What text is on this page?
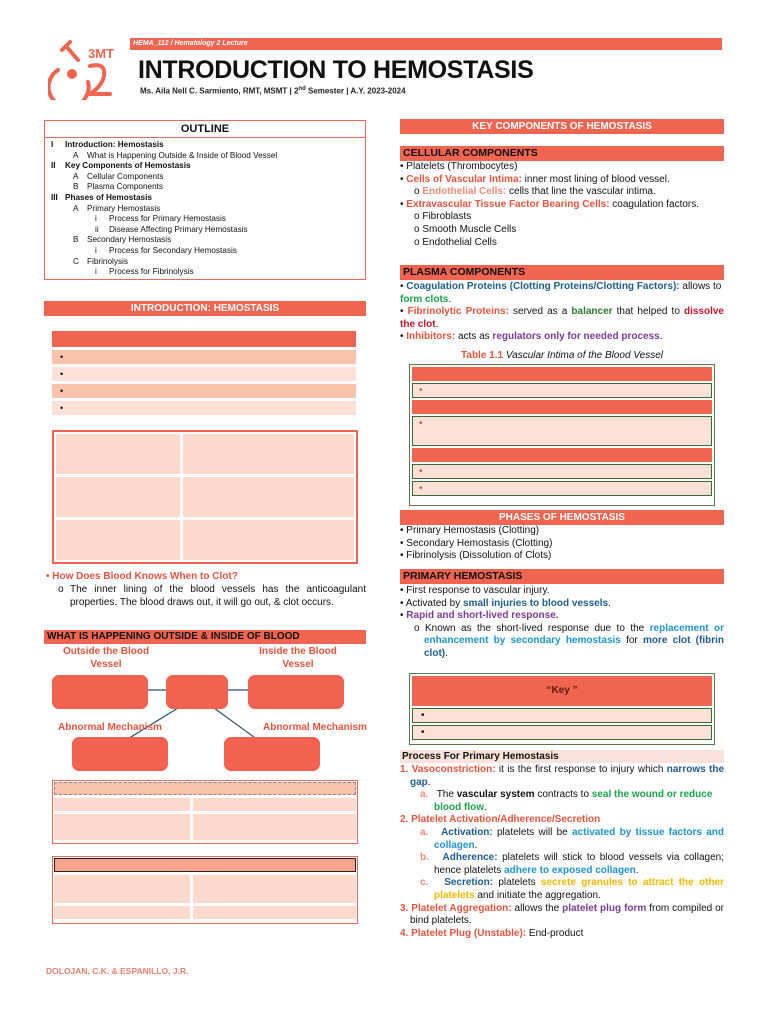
3MT
HEMA_112 / Hematology 2 Lecture
INTRODUCTION TO HEMOSTASIS
Ms. Aila Nell C. Sarmiento, RMT, MSMT | 2nd Semester | A.Y. 2023-2024
OUTLINE
I	Introduction: Hemostasis
A	What is Happening Outside & Inside of Blood Vessel
II	Key Components of Hemostasis
A	Cellular Components
B	Plasma Components
III Phases of Hemostasis
A	Primary Hemostasis
i	Process for Primary Hemostasis
ii	Disease Affecting Primary Hemostasis
B	Secondary Hemostasis
i	Process for Secondary Hemostasis
C Fibrinolysis
i	Process for Fibrinolysis
INTRODUCTION: HEMOSTASIS
•
•
•
•
• How Does Blood Knows When to Clot?
o The inner lining of the blood vessels has the anticoagulant properties. The blood draws out, it will go out, & clot occurs.
WHAT IS HAPPENING OUTSIDE & INSIDE OF BLOOD
Outside the Blood Vessel
Inside the Blood Vessel
Abnormal Mechanism	Abnormal Mechanism
KEY COMPONENTS OF HEMOSTASIS
CELLULAR COMPONENTS
• Platelets (Thrombocytes)
• Cells of Vascular Intima: inner most lining of blood vessel.
o Endothelial Cells: cells that line the vascular intima.
• Extravascular Tissue Factor Bearing Cells: coagulation factors.
o Fibroblasts
o Smooth Muscle Cells
o Endothelial Cells
PLASMA COMPONENTS
• Coagulation Proteins (Clotting Proteins/Clotting Factors): allows to form clots.
• Fibrinolytic Proteins: served as a balancer that helped to dissolve the clot.
• Inhibitors: acts as regulators only for needed process.
Table 1.1 Vascular Intima of the Blood Vessel
•
•
•
•
PHASES OF HEMOSTASIS
• Primary Hemostasis (Clotting)
• Secondary Hemostasis (Clotting)
• Fibrinolysis (Dissolution of Clots)
PRIMARY HEMOSTASIS
• First response to vascular injury.
• Activated by small injuries to blood vessels.
• Rapid and short-lived response.
o Known as the short-lived response due to the replacement or enhancement by secondary hemostasis for more clot (fibrin clot).
“Key ”
•
•
Process For Primary Hemostasis
1. Vasoconstriction: it is the first response to injury which narrows the gap.
a. The vascular system contracts to seal the wound or reduce blood flow.
2. Platelet Activation/Adherence/Secretion
a. Activation: platelets will be activated by tissue factors and collagen.
b. Adherence: platelets will stick to blood vessels via collagen; hence platelets adhere to exposed collagen.
c. Secretion: platelets secrete granules to attract the other platelets and initiate the aggregation.
3. Platelet Aggregation: allows the platelet plug form from compiled or bind platelets.
4. Platelet Plug (Unstable): End-product
DOLOJAN, C.K. & ESPANILLO, J.R.
